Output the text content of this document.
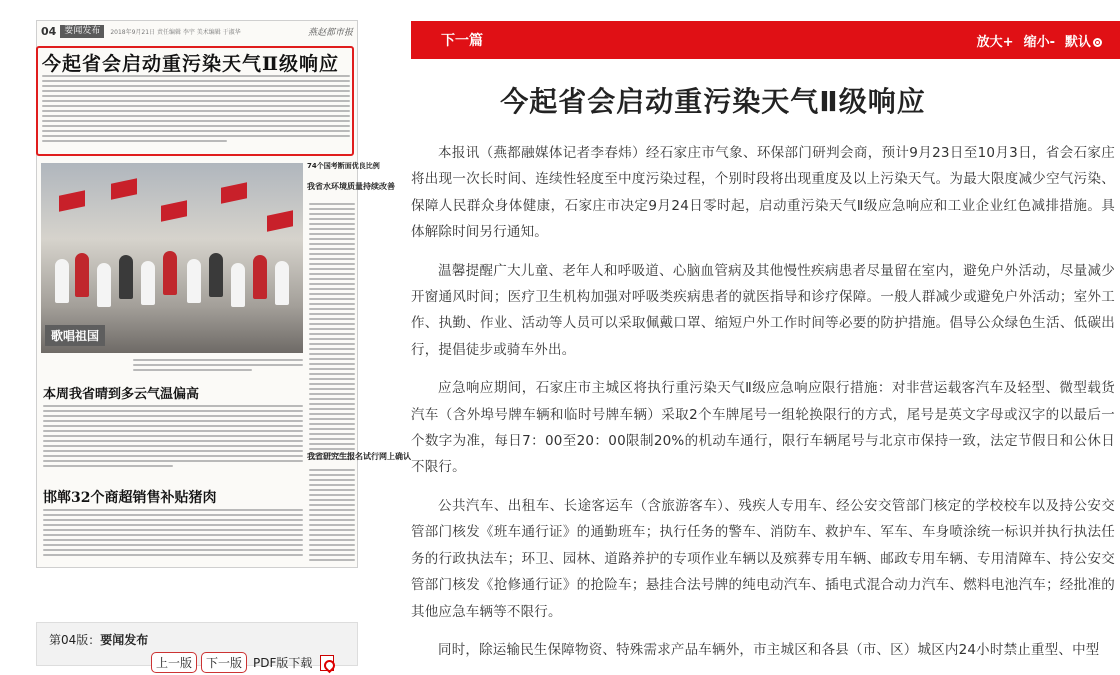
04 要闻发布	2018年9月21日 责任编辑 李宇 美术编辑 于淑华	燕赵都市报
今起省会启动重污染天气Ⅱ级响应
歌唱祖国
74个国考断面优良比例
我省水环境质量持续改善
我省研究生报名试行网上确认
本周我省晴到多云气温偏高
邯郸32个商超销售补贴猪肉
第04版：要闻发布
上一版	下一版 PDF版下载
下一篇	放大+ 缩小- 默认
今起省会启动重污染天气Ⅱ级响应

本报讯（燕都融媒体记者李春炜）经石家庄市气象、环保部门研判会商，预计9月23日至10月3日，省会石家庄将出现一次长时间、连续性轻度至中度污染过程，个别时段将出现重度及以上污染天气。为最大限度减少空气污染、保障人民群众身体健康，石家庄市决定9月24日零时起，启动重污染天气Ⅱ级应急响应和工业企业红色减排措施。具体解除时间另行通知。

温馨提醒广大儿童、老年人和呼吸道、心脑血管病及其他慢性疾病患者尽量留在室内，避免户外活动，尽量减少开窗通风时间；医疗卫生机构加强对呼吸类疾病患者的就医指导和诊疗保障。一般人群减少或避免户外活动；室外工作、执勤、作业、活动等人员可以采取佩戴口罩、缩短户外工作时间等必要的防护措施。倡导公众绿色生活、低碳出行，提倡徒步或骑车外出。

应急响应期间，石家庄市主城区将执行重污染天气Ⅱ级应急响应限行措施：对非营运载客汽车及轻型、微型载货汽车（含外埠号牌车辆和临时号牌车辆）采取2个车牌尾号一组轮换限行的方式，尾号是英文字母或汉字的以最后一个数字为准，每日7：00至20：00限制20%的机动车通行，限行车辆尾号与北京市保持一致，法定节假日和公休日不限行。

公共汽车、出租车、长途客运车（含旅游客车）、残疾人专用车、经公安交管部门核定的学校校车以及持公安交管部门核发《班车通行证》的通勤班车；执行任务的警车、消防车、救护车、军车、车身喷涂统一标识并执行执法任务的行政执法车；环卫、园林、道路养护的专项作业车辆以及殡葬专用车辆、邮政专用车辆、专用清障车、持公安交管部门核发《抢修通行证》的抢险车；悬挂合法号牌的纯电动汽车、插电式混合动力汽车、燃料电池汽车；经批准的其他应急车辆等不限行。

同时，除运输民生保障物资、特殊需求产品车辆外，市主城区和各县（市、区）城区内24小时禁止重型、中型
